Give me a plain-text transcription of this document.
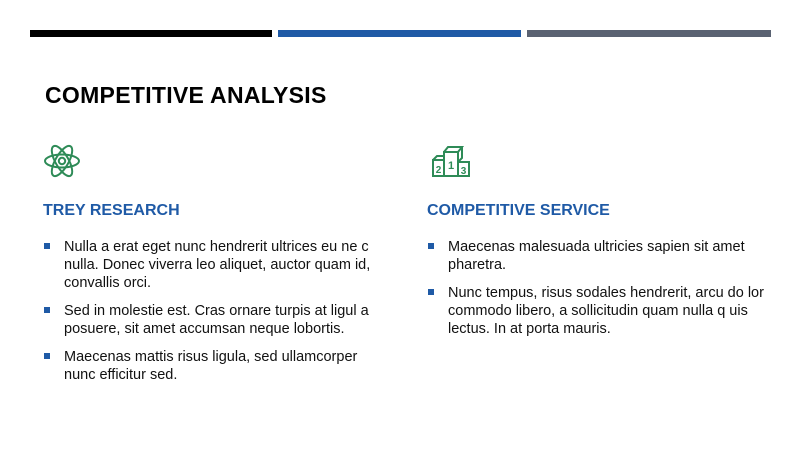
COMPETITIVE ANALYSIS
TREY RESEARCH
Nulla a erat eget nunc hendrerit ultrices eu ne c nulla. Donec viverra leo aliquet, auctor quam id, convallis orci.
Sed in molestie est. Cras ornare turpis at ligul a posuere, sit amet accumsan neque lobortis.
Maecenas mattis risus ligula, sed ullamcorper nunc efficitur sed.
1
2 3
COMPETITIVE SERVICE
Maecenas malesuada ultricies sapien sit amet pharetra.
Nunc tempus, risus sodales hendrerit, arcu do lor commodo libero, a sollicitudin quam nulla q uis lectus. In at porta mauris.
